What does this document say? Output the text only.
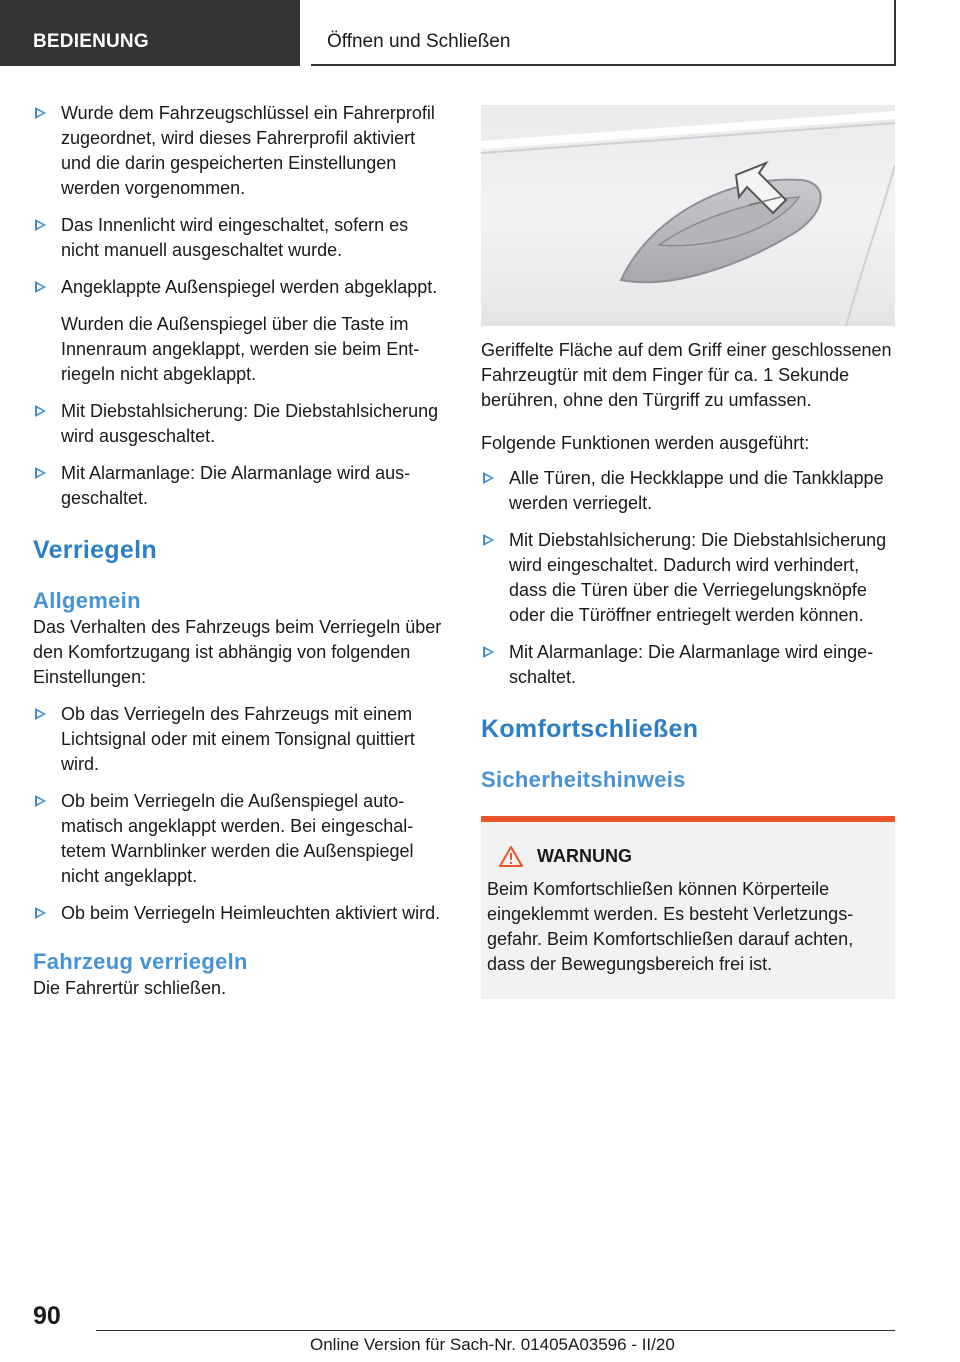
BEDIENUNG	Öffnen und Schließen
Wurde dem Fahrzeugschlüssel ein Fahrerprofil zugeordnet, wird dieses Fahrerprofil aktiviert und die darin gespeicherten Einstellungen werden vorgenommen.
Das Innenlicht wird eingeschaltet, sofern es nicht manuell ausgeschaltet wurde.
Angeklappte Außenspiegel werden abgeklappt.
Wurden die Außenspiegel über die Taste im Innenraum angeklappt, werden sie beim Entriegeln nicht abgeklappt.
Mit Diebstahlsicherung: Die Diebstahlsicherung wird ausgeschaltet.
Mit Alarmanlage: Die Alarmanlage wird ausgeschaltet.
Verriegeln
Allgemein
Das Verhalten des Fahrzeugs beim Verriegeln über den Komfortzugang ist abhängig von folgenden Einstellungen:
Ob das Verriegeln des Fahrzeugs mit einem Lichtsignal oder mit einem Tonsignal quittiert wird.
Ob beim Verriegeln die Außenspiegel automatisch angeklappt werden. Bei eingeschaltetem Warnblinker werden die Außenspiegel nicht angeklappt.
Ob beim Verriegeln Heimleuchten aktiviert wird.
Fahrzeug verriegeln
Die Fahrertür schließen.
Geriffelte Fläche auf dem Griff einer geschlossenen Fahrzeugtür mit dem Finger für ca. 1 Sekunde berühren, ohne den Türgriff zu umfassen.
Folgende Funktionen werden ausgeführt:
Alle Türen, die Heckklappe und die Tankklappe werden verriegelt.
Mit Diebstahlsicherung: Die Diebstahlsicherung wird eingeschaltet. Dadurch wird verhindert, dass die Türen über die Verriegelungsknöpfe oder die Türöffner entriegelt werden können.
Mit Alarmanlage: Die Alarmanlage wird eingeschaltet.
Komfortschließen
Sicherheitshinweis
WARNUNG
Beim Komfortschließen können Körperteile eingeklemmt werden. Es besteht Verletzungsgefahr. Beim Komfortschließen darauf achten, dass der Bewegungsbereich frei ist.
90
Online Version für Sach-Nr. 01405A03596 - II/20
